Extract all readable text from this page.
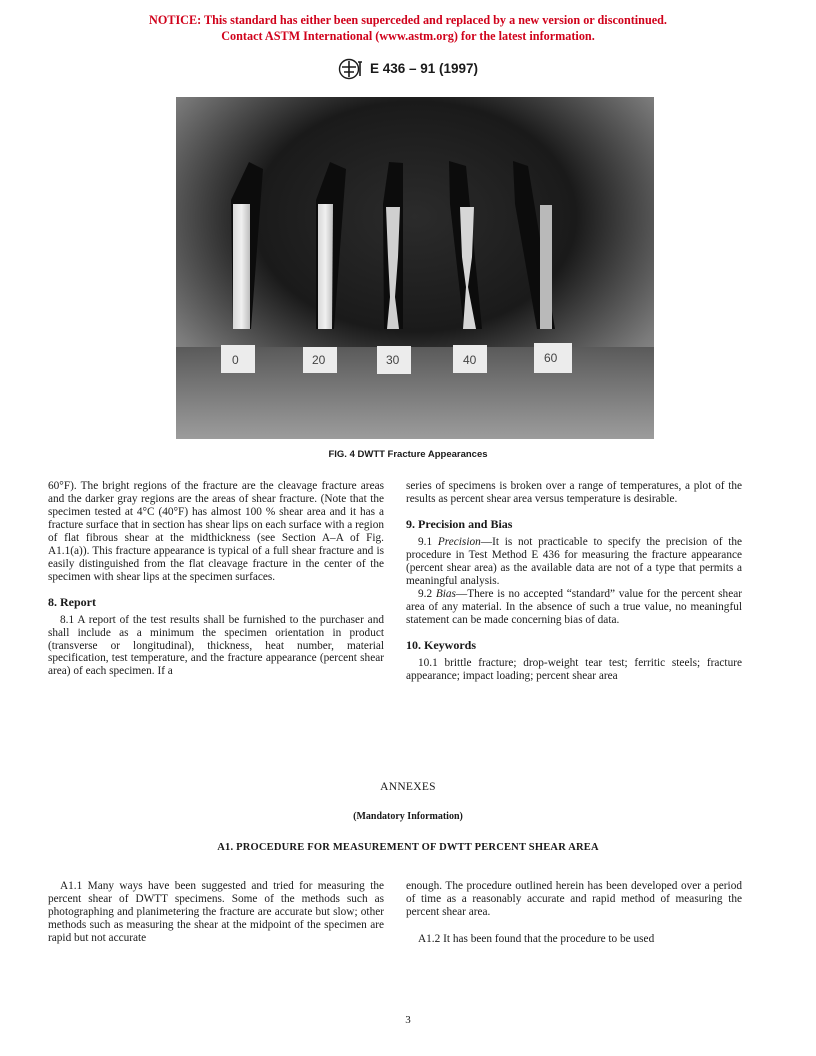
NOTICE: This standard has either been superceded and replaced by a new version or discontinued.
Contact ASTM International (www.astm.org) for the latest information.
E 436 – 91 (1997)
0	20	30	40	60
FIG. 4 DWTT Fracture Appearances

60°F). The bright regions of the fracture are the cleavage fracture areas and the darker gray regions are the areas of shear fracture. (Note that the specimen tested at 4°C (40°F) has almost 100 % shear area and it has a fracture surface that in section has shear lips on each surface with a region of flat fibrous shear at the midthickness (see Section A–A of Fig. A1.1(a)). This fracture appearance is typical of a full shear fracture and is easily distinguished from the flat cleavage fracture in the center of the specimen with shear lips at the specimen surfaces.

8. Report

8.1 A report of the test results shall be furnished to the purchaser and shall include as a minimum the specimen orientation in product (transverse or longitudinal), thickness, heat number, material specification, test temperature, and the fracture appearance (percent shear area) of each specimen. If a

series of specimens is broken over a range of temperatures, a plot of the results as percent shear area versus temperature is desirable.

9. Precision and Bias

9.1 Precision—It is not practicable to specify the precision of the procedure in Test Method E 436 for measuring the fracture appearance (percent shear area) as the available data are not of a type that permits a meaningful analysis.

9.2 Bias—There is no accepted “standard” value for the percent shear area of any material. In the absence of such a true value, no meaningful statement can be made concerning bias of data.

10. Keywords

10.1 brittle fracture; drop-weight tear test; ferritic steels; fracture appearance; impact loading; percent shear area

ANNEXES
(Mandatory Information)
A1. PROCEDURE FOR MEASUREMENT OF DWTT PERCENT SHEAR AREA

A1.1 Many ways have been suggested and tried for measuring the percent shear of DWTT specimens. Some of the methods such as photographing and planimetering the fracture are accurate but slow; other methods such as measuring the shear at the midpoint of the specimen are rapid but not accurate

enough. The procedure outlined herein has been developed over a period of time as a reasonably accurate and rapid method of measuring the percent shear area.

A1.2 It has been found that the procedure to be used

3
